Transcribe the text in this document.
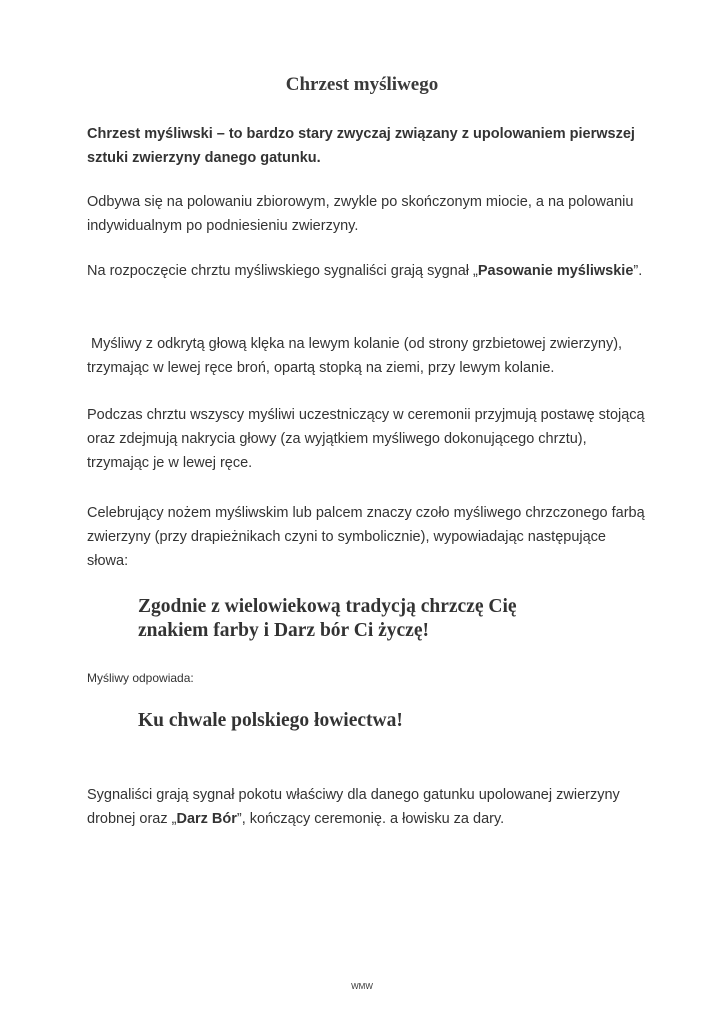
Chrzest myśliwego

Chrzest myśliwski – to bardzo stary zwyczaj związany z upolowaniem pierwszej sztuki zwierzyny danego gatunku.

Odbywa się na polowaniu zbiorowym, zwykle po skończonym miocie, a na polowaniu indywidualnym po podniesieniu zwierzyny.

Na rozpoczęcie chrztu myśliwskiego sygnaliści grają sygnał „Pasowanie myśliwskie”.

Myśliwy z odkrytą głową klęka na lewym kolanie (od strony grzbietowej zwierzyny), trzymając w lewej ręce broń, opartą stopką na ziemi, przy lewym kolanie.

Podczas chrztu wszyscy myśliwi uczestniczący w ceremonii przyjmują postawę stojącą oraz zdejmują nakrycia głowy (za wyjątkiem myśliwego dokonującego chrztu), trzymając je w lewej ręce.

Celebrujący nożem myśliwskim lub palcem znaczy czoło myśliwego chrzczonego farbą zwierzyny (przy drapieżnikach czyni to symbolicznie), wypowiadając następujące słowa:

Zgodnie z wielowiekową tradycją chrzczę Cię
znakiem farby i Darz bór Ci życzę!

Myśliwy odpowiada:

Ku chwale polskiego łowiectwa!

Sygnaliści grają sygnał pokotu właściwy dla danego gatunku upolowanej zwierzyny drobnej oraz „Darz Bór”, kończący ceremonię. a łowisku za dary.

WMW
